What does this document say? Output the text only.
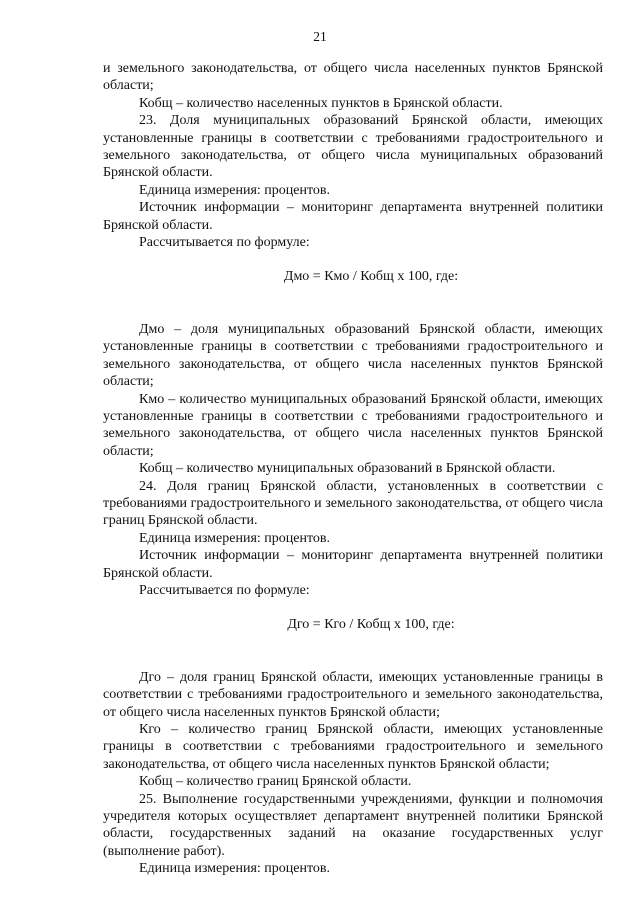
21

и земельного законодательства, от общего числа населенных пунктов Брянской области;

Кобщ – количество населенных пунктов в Брянской области.

23. Доля муниципальных образований Брянской области, имеющих установленные границы в соответствии с требованиями градостроительного и земельного законодательства, от общего числа муниципальных образований Брянской области.

Единица измерения: процентов.

Источник информации – мониторинг департамента внутренней политики Брянской области.

Рассчитывается по формуле:

Дмо = Кмо / Кобщ х 100, где:

Дмо – доля муниципальных образований Брянской области, имеющих установленные границы в соответствии с требованиями градостроительного и земельного законодательства, от общего числа населенных пунктов Брянской области;

Кмо – количество муниципальных образований Брянской области, имеющих установленные границы в соответствии с требованиями градостроительного и земельного законодательства, от общего числа населенных пунктов Брянской области;

Кобщ – количество муниципальных образований в Брянской области.

24. Доля границ Брянской области, установленных в соответствии с требованиями градостроительного и земельного законодательства, от общего числа границ Брянской области.

Единица измерения: процентов.

Источник информации – мониторинг департамента внутренней политики Брянской области.

Рассчитывается по формуле:

Дго = Кго / Кобщ х 100, где:

Дго – доля границ Брянской области, имеющих установленные границы в соответствии с требованиями градостроительного и земельного законодательства, от общего числа населенных пунктов Брянской области;

Кго – количество границ Брянской области, имеющих установленные границы в соответствии с требованиями градостроительного и земельного законодательства, от общего числа населенных пунктов Брянской области;

Кобщ – количество границ Брянской области.

25. Выполнение государственными учреждениями, функции и полномочия учредителя которых осуществляет департамент внутренней политики Брянской области, государственных заданий на оказание государственных услуг (выполнение работ).

Единица измерения: процентов.
